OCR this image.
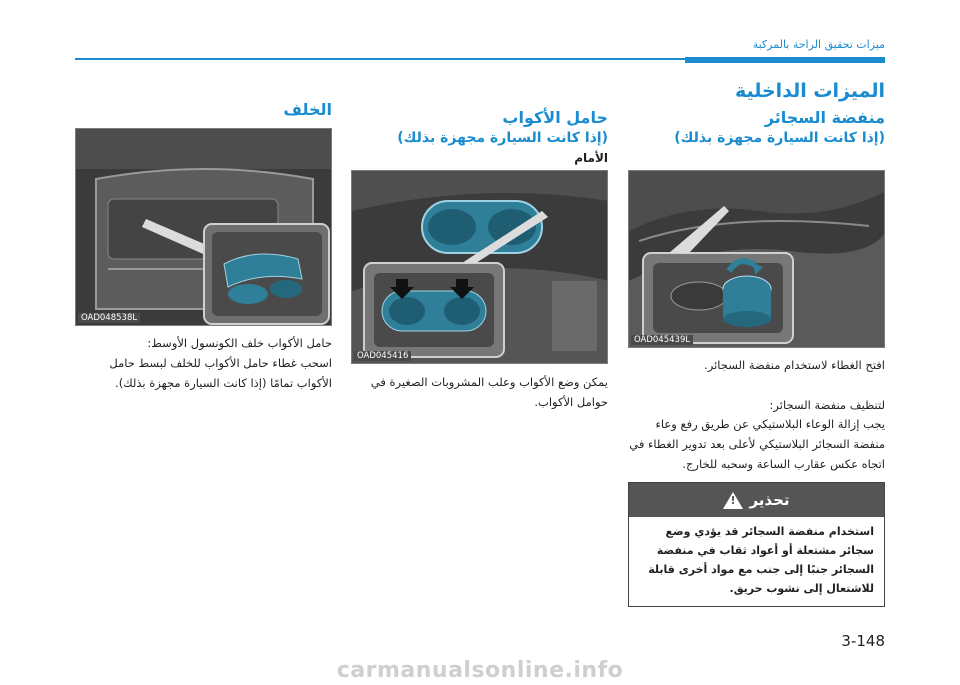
ميزات تحقيق الراحة بالمركبة
الميزات الداخلية
منفضة السجائر
(إذا كانت السيارة مجهزة بذلك)
OAD045439L
افتح الغطاء لاستخدام منفضة السجائر.
لتنظيف منفضة السجائر:
يجب إزالة الوعاء البلاستيكي عن طريق رفع وعاء منفضة السجائر البلاستيكي لأعلى بعد تدوير الغطاء في اتجاه عكس عقارب الساعة وسحبه للخارج.
تحذير
!
استخدام منفضة السجائر قد يؤدي وضع سجائر مشتعلة أو أعواد ثقاب في منفضة السجائر جنبًا إلى جنب مع مواد أخرى قابلة للاشتعال إلى نشوب حريق.
حامل الأكواب
(إذا كانت السيارة مجهزة بذلك)
الأمام
OAD045416
يمكن وضع الأكواب وعلب المشروبات الصغيرة في حوامل الأكواب.
الخلف
OAD048538L
حامل الأكواب خلف الكونسول الأوسط:
اسحب غطاء حامل الأكواب للخلف لبسط حامل الأكواب تمامًا (إذا كانت السيارة مجهزة بذلك).
3-148
carmanualsonline.info
